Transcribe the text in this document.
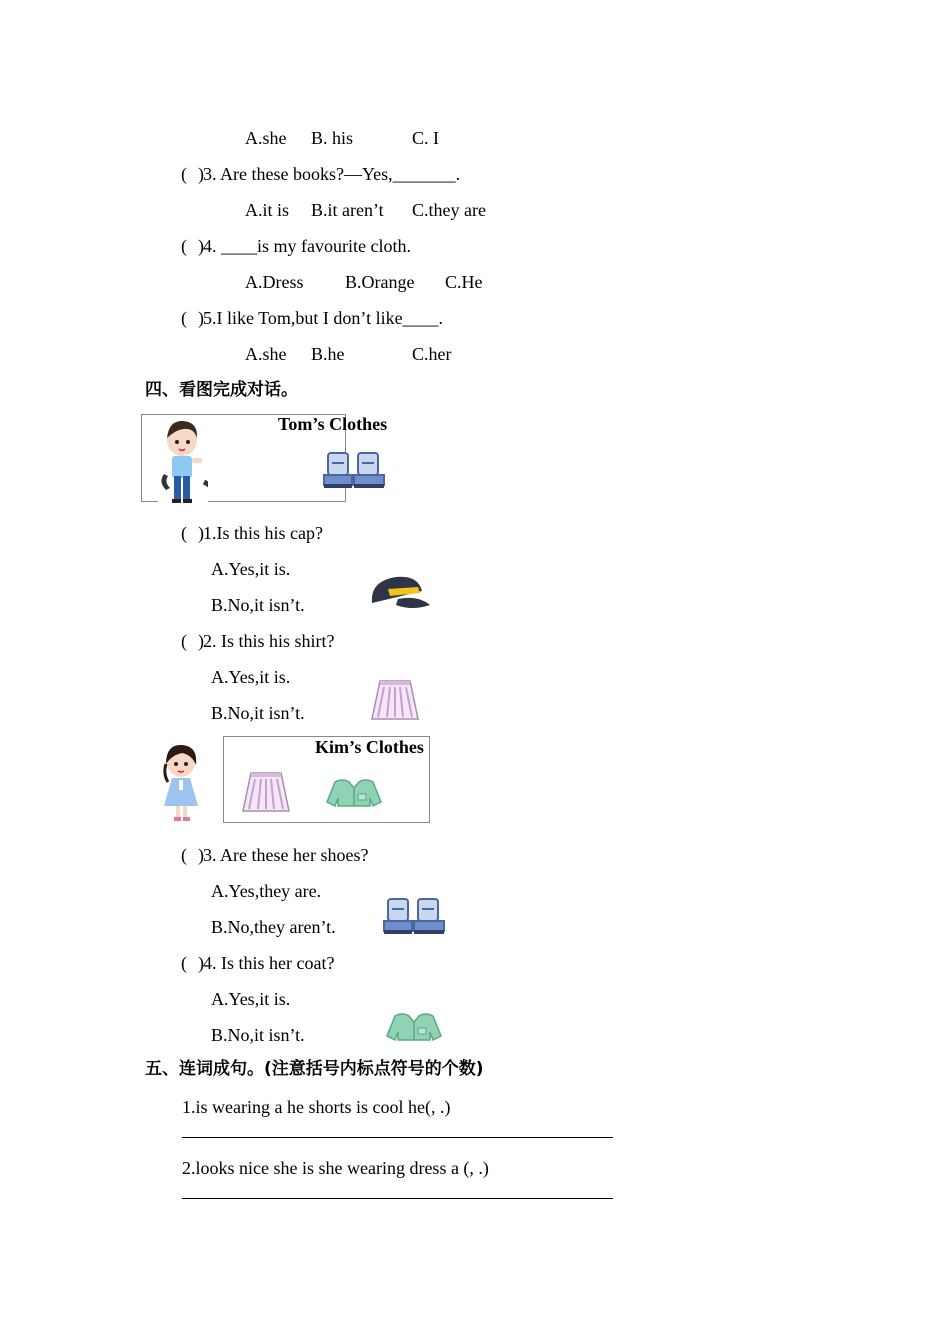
A.she B. his	C. I
( ) 3. Are these books?—Yes,_______.
A.it is B.it aren’t C.they are
( ) 4. ____is my favourite cloth.
A.Dress B.Orange C.He
( ) 5.I like Tom,but I don’t like____.
A.she B.he	C.her
四、看图完成对话。
Tom’s Clothes
( ) 1.Is this his cap?
A.Yes,it is.
B.No,it isn’t.
( ) 2. Is this his shirt?
A.Yes,it is.
B.No,it isn’t.
Kim’s Clothes
( ) 3. Are these her shoes?
A.Yes,they are.
B.No,they aren’t.
( ) 4. Is this her coat?
A.Yes,it is.
B.No,it isn’t.
五、连词成句。(注意括号内标点符号的个数)
1.is wearing a he shorts is cool he(, .)
2.looks nice she is she wearing dress a (, .)
